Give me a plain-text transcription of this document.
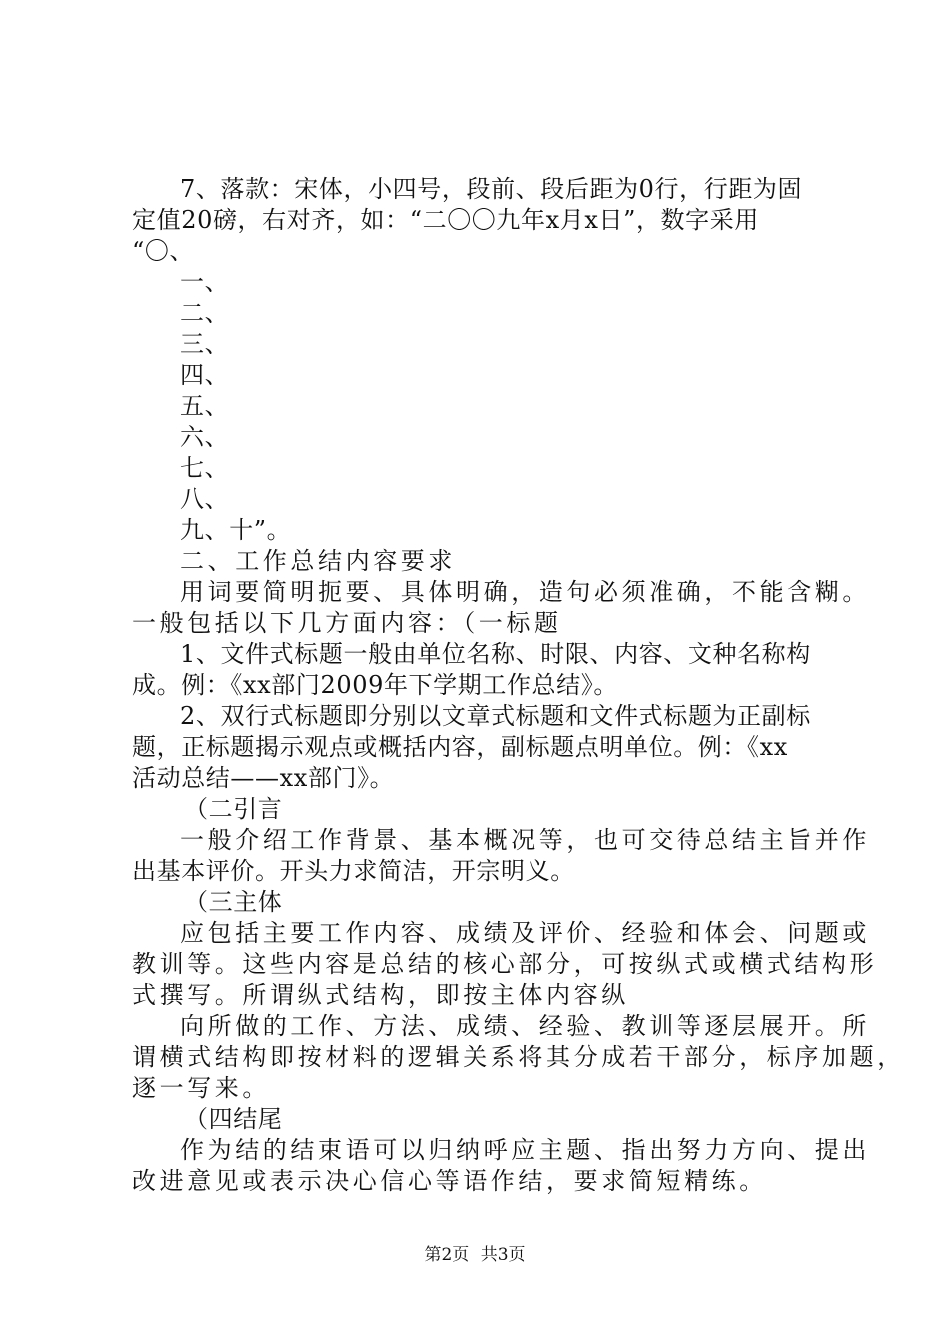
7、落款：宋体，小四号，段前、段后距为0行，行距为固
定值20磅，右对齐，如：“二〇〇九年x月x日”，数字采用
“〇、
一、
二、
三、
四、
五、
六、
七、
八、
九、十”。
二、工作总结内容要求
用词要简明扼要、具体明确，造句必须准确，不能含糊。
一般包括以下几方面内容：（一标题
1、文件式标题一般由单位名称、时限、内容、文种名称构
成。例：《xx部门2009年下学期工作总结》。
2、双行式标题即分别以文章式标题和文件式标题为正副标
题，正标题揭示观点或概括内容，副标题点明单位。例：《xx
活动总结——xx部门》。
（二引言
一般介绍工作背景、基本概况等，也可交待总结主旨并作
出基本评价。开头力求简洁，开宗明义。
（三主体
应包括主要工作内容、成绩及评价、经验和体会、问题或
教训等。这些内容是总结的核心部分，可按纵式或横式结构形
式撰写。所谓纵式结构，即按主体内容纵
向所做的工作、方法、成绩、经验、教训等逐层展开。所
谓横式结构即按材料的逻辑关系将其分成若干部分，标序加题，
逐一写来。
（四结尾
作为结的结束语可以归纳呼应主题、指出努力方向、提出
改进意见或表示决心信心等语作结，要求简短精练。
第2页 共3页
